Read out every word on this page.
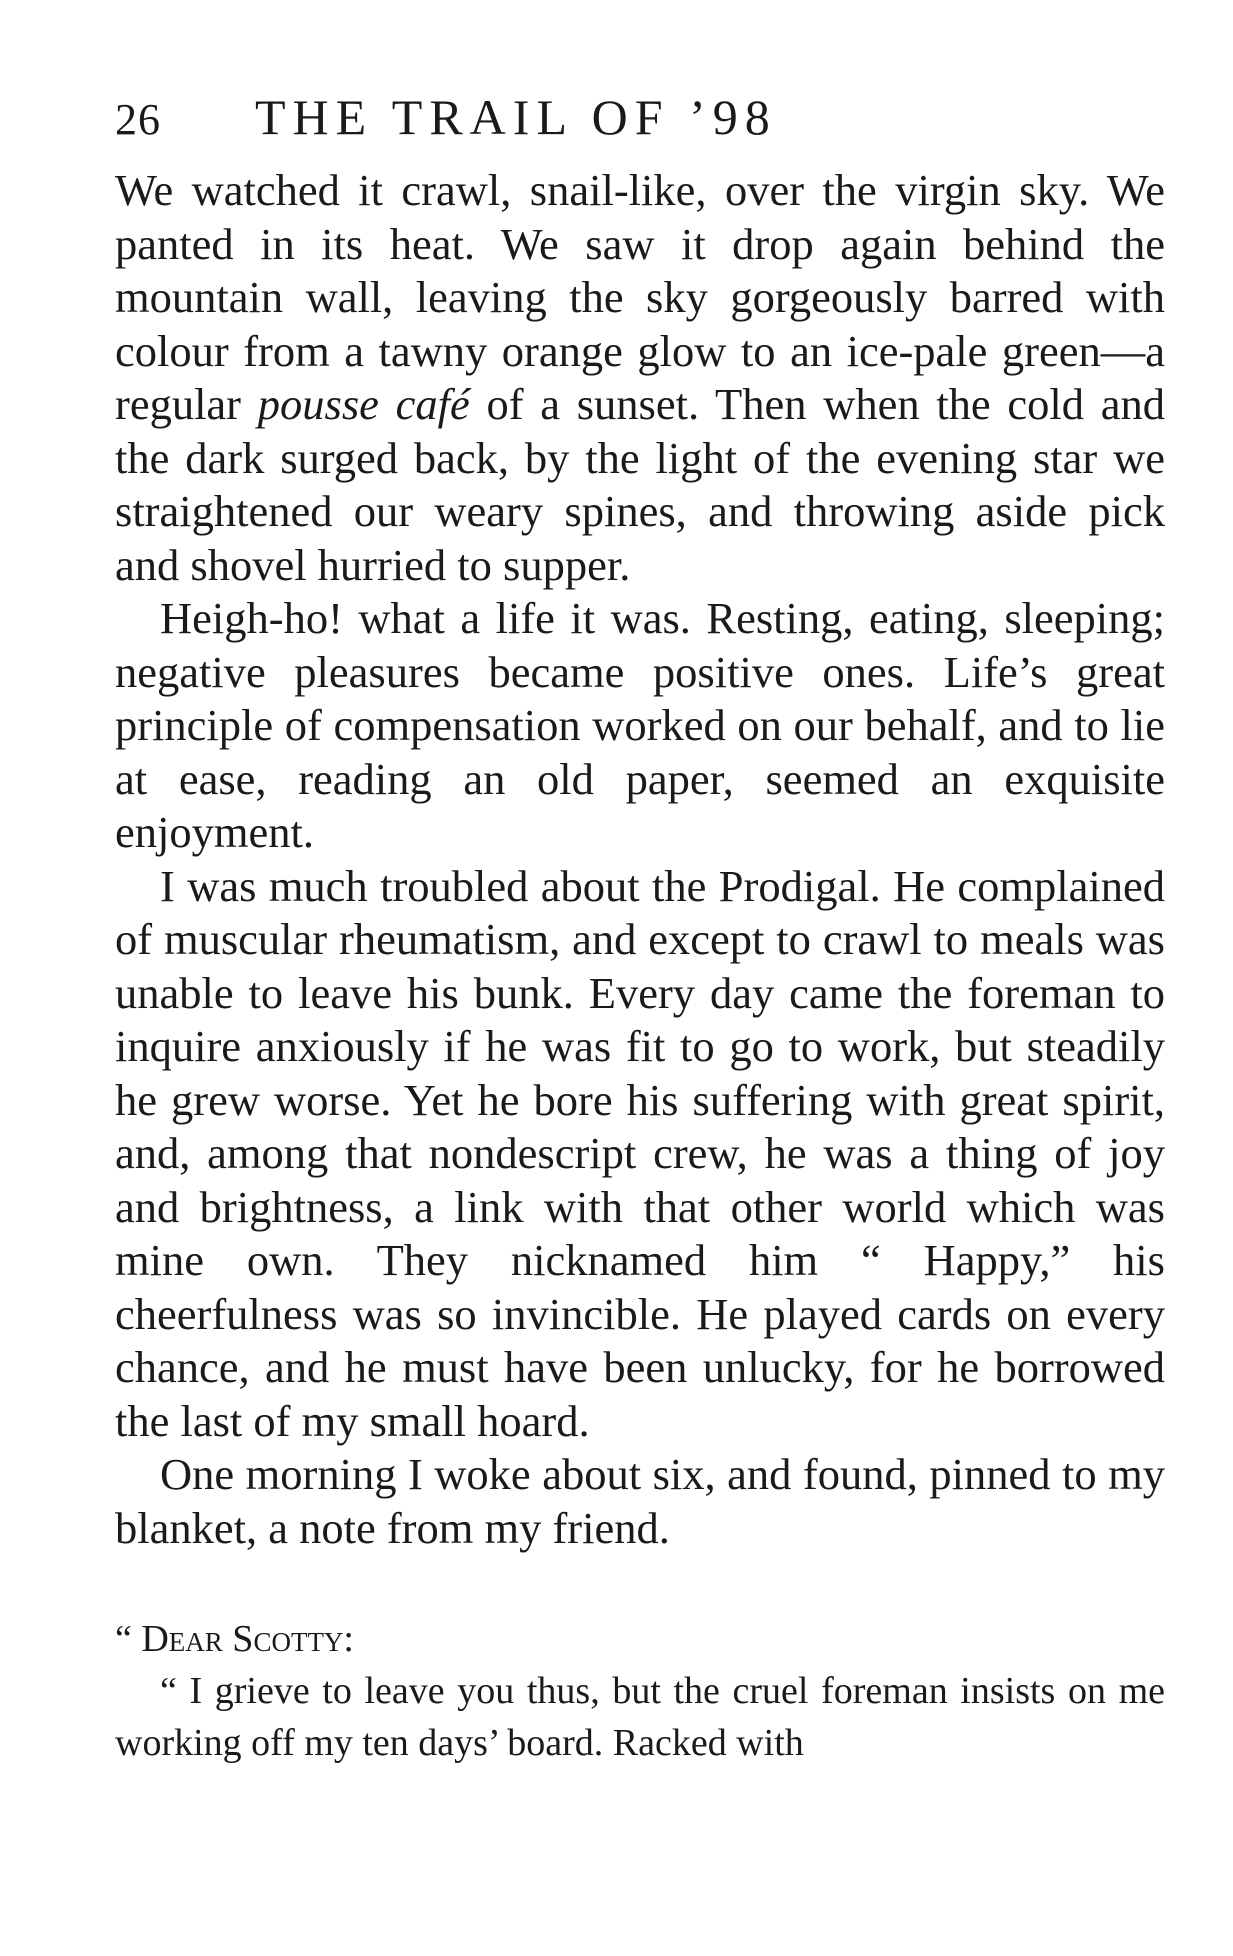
26	THE TRAIL OF ’98

We watched it crawl, snail-like, over the virgin sky. We panted in its heat. We saw it drop again behind the mountain wall, leaving the sky gorgeously barred with colour from a tawny orange glow to an ice-pale green—a regular pousse café of a sunset. Then when the cold and the dark surged back, by the light of the evening star we straightened our weary spines, and throwing aside pick and shovel hurried to supper.

Heigh-ho! what a life it was. Resting, eating, sleeping; negative pleasures became positive ones. Life’s great principle of compensation worked on our behalf, and to lie at ease, reading an old paper, seemed an exquisite enjoyment.

I was much troubled about the Prodigal. He complained of muscular rheumatism, and except to crawl to meals was unable to leave his bunk. Every day came the foreman to inquire anxiously if he was fit to go to work, but steadily he grew worse. Yet he bore his suffering with great spirit, and, among that nondescript crew, he was a thing of joy and brightness, a link with that other world which was mine own. They nicknamed him “ Happy,” his cheerfulness was so invincible. He played cards on every chance, and he must have been unlucky, for he borrowed the last of my small hoard.

One morning I woke about six, and found, pinned to my blanket, a note from my friend.

“ Dear Scotty:

“ I grieve to leave you thus, but the cruel foreman insists on me working off my ten days’ board. Racked with
